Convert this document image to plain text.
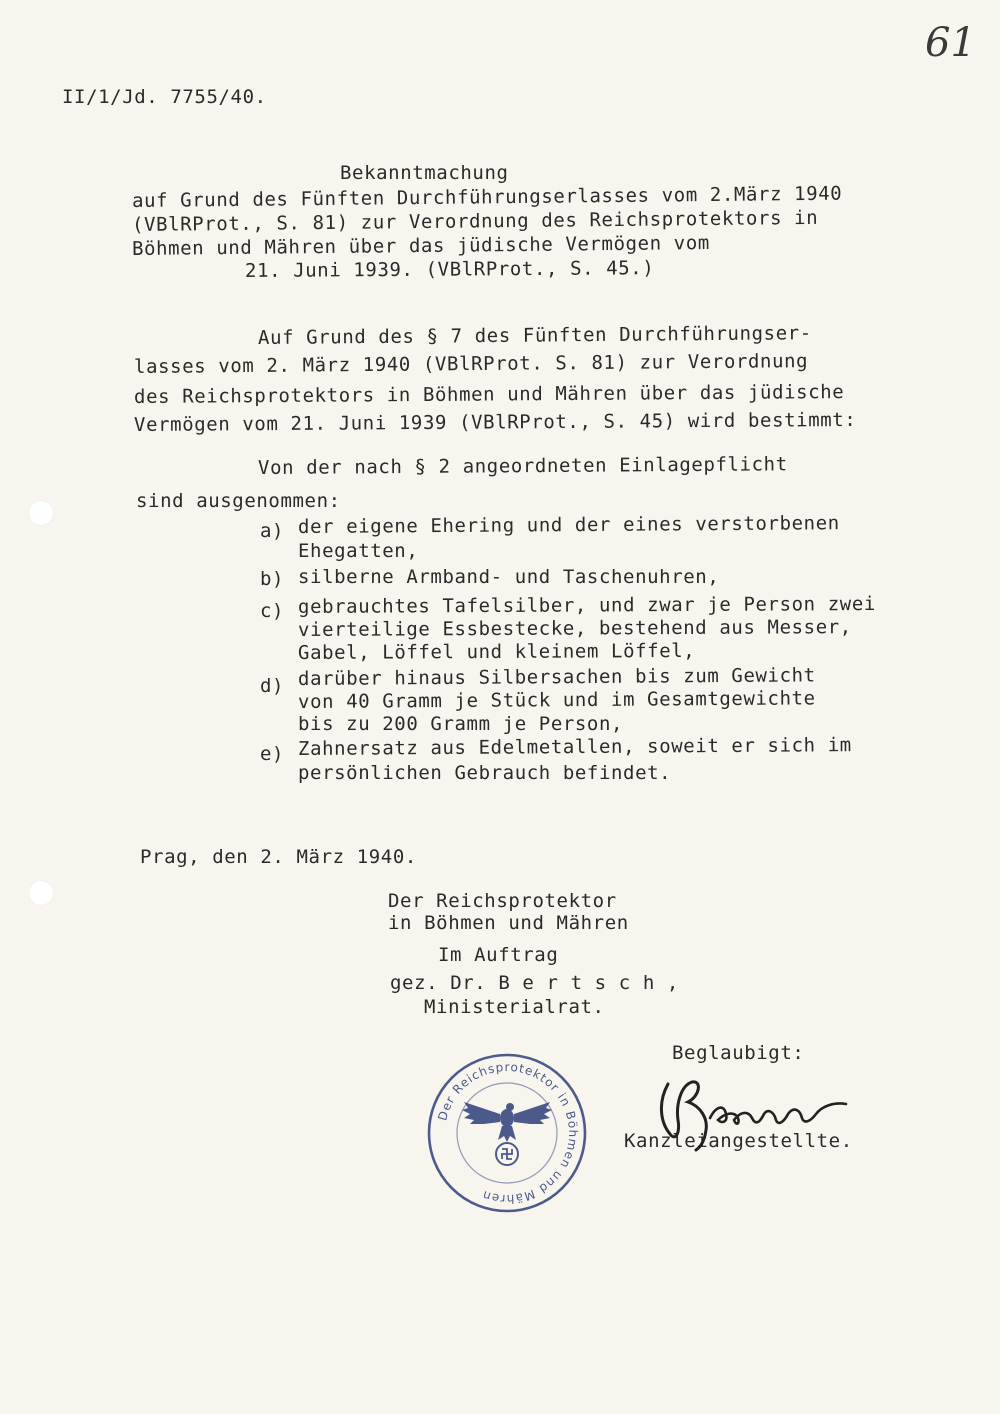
61
II/1/Jd. 7755/40.
Bekanntmachung
auf Grund des Fünften Durchführungserlasses vom 2.März 1940
(VBlRProt., S. 81) zur Verordnung des Reichsprotektors in
Böhmen und Mähren über das jüdische Vermögen vom
21. Juni 1939. (VBlRProt., S. 45.)
Auf Grund des § 7 des Fünften Durchführungser-
lasses vom 2. März 1940 (VBlRProt. S. 81) zur Verordnung
des Reichsprotektors in Böhmen und Mähren über das jüdische
Vermögen vom 21. Juni 1939 (VBlRProt., S. 45) wird bestimmt:
Von der nach § 2 angeordneten Einlagepflicht
sind ausgenommen:
a) der eigene Ehering und der eines verstorbenen
Ehegatten,
b) silberne Armband- und Taschenuhren,
c) gebrauchtes Tafelsilber, und zwar je Person zwei
vierteilige Essbestecke, bestehend aus Messer,
Gabel, Löffel und kleinem Löffel,
d) darüber hinaus Silbersachen bis zum Gewicht
von 40 Gramm je Stück und im Gesamtgewichte
bis zu 200 Gramm je Person,
e) Zahnersatz aus Edelmetallen, soweit er sich im
persönlichen Gebrauch befindet.
Prag, den 2. März 1940.
Der Reichsprotektor
in Böhmen und Mähren
Im Auftrag
gez. Dr. B e r t s c h ,
Ministerialrat.
Beglaubigt:
Kanzleiangestellte.
Der Reichsprotektor in Böhmen und Mähren
